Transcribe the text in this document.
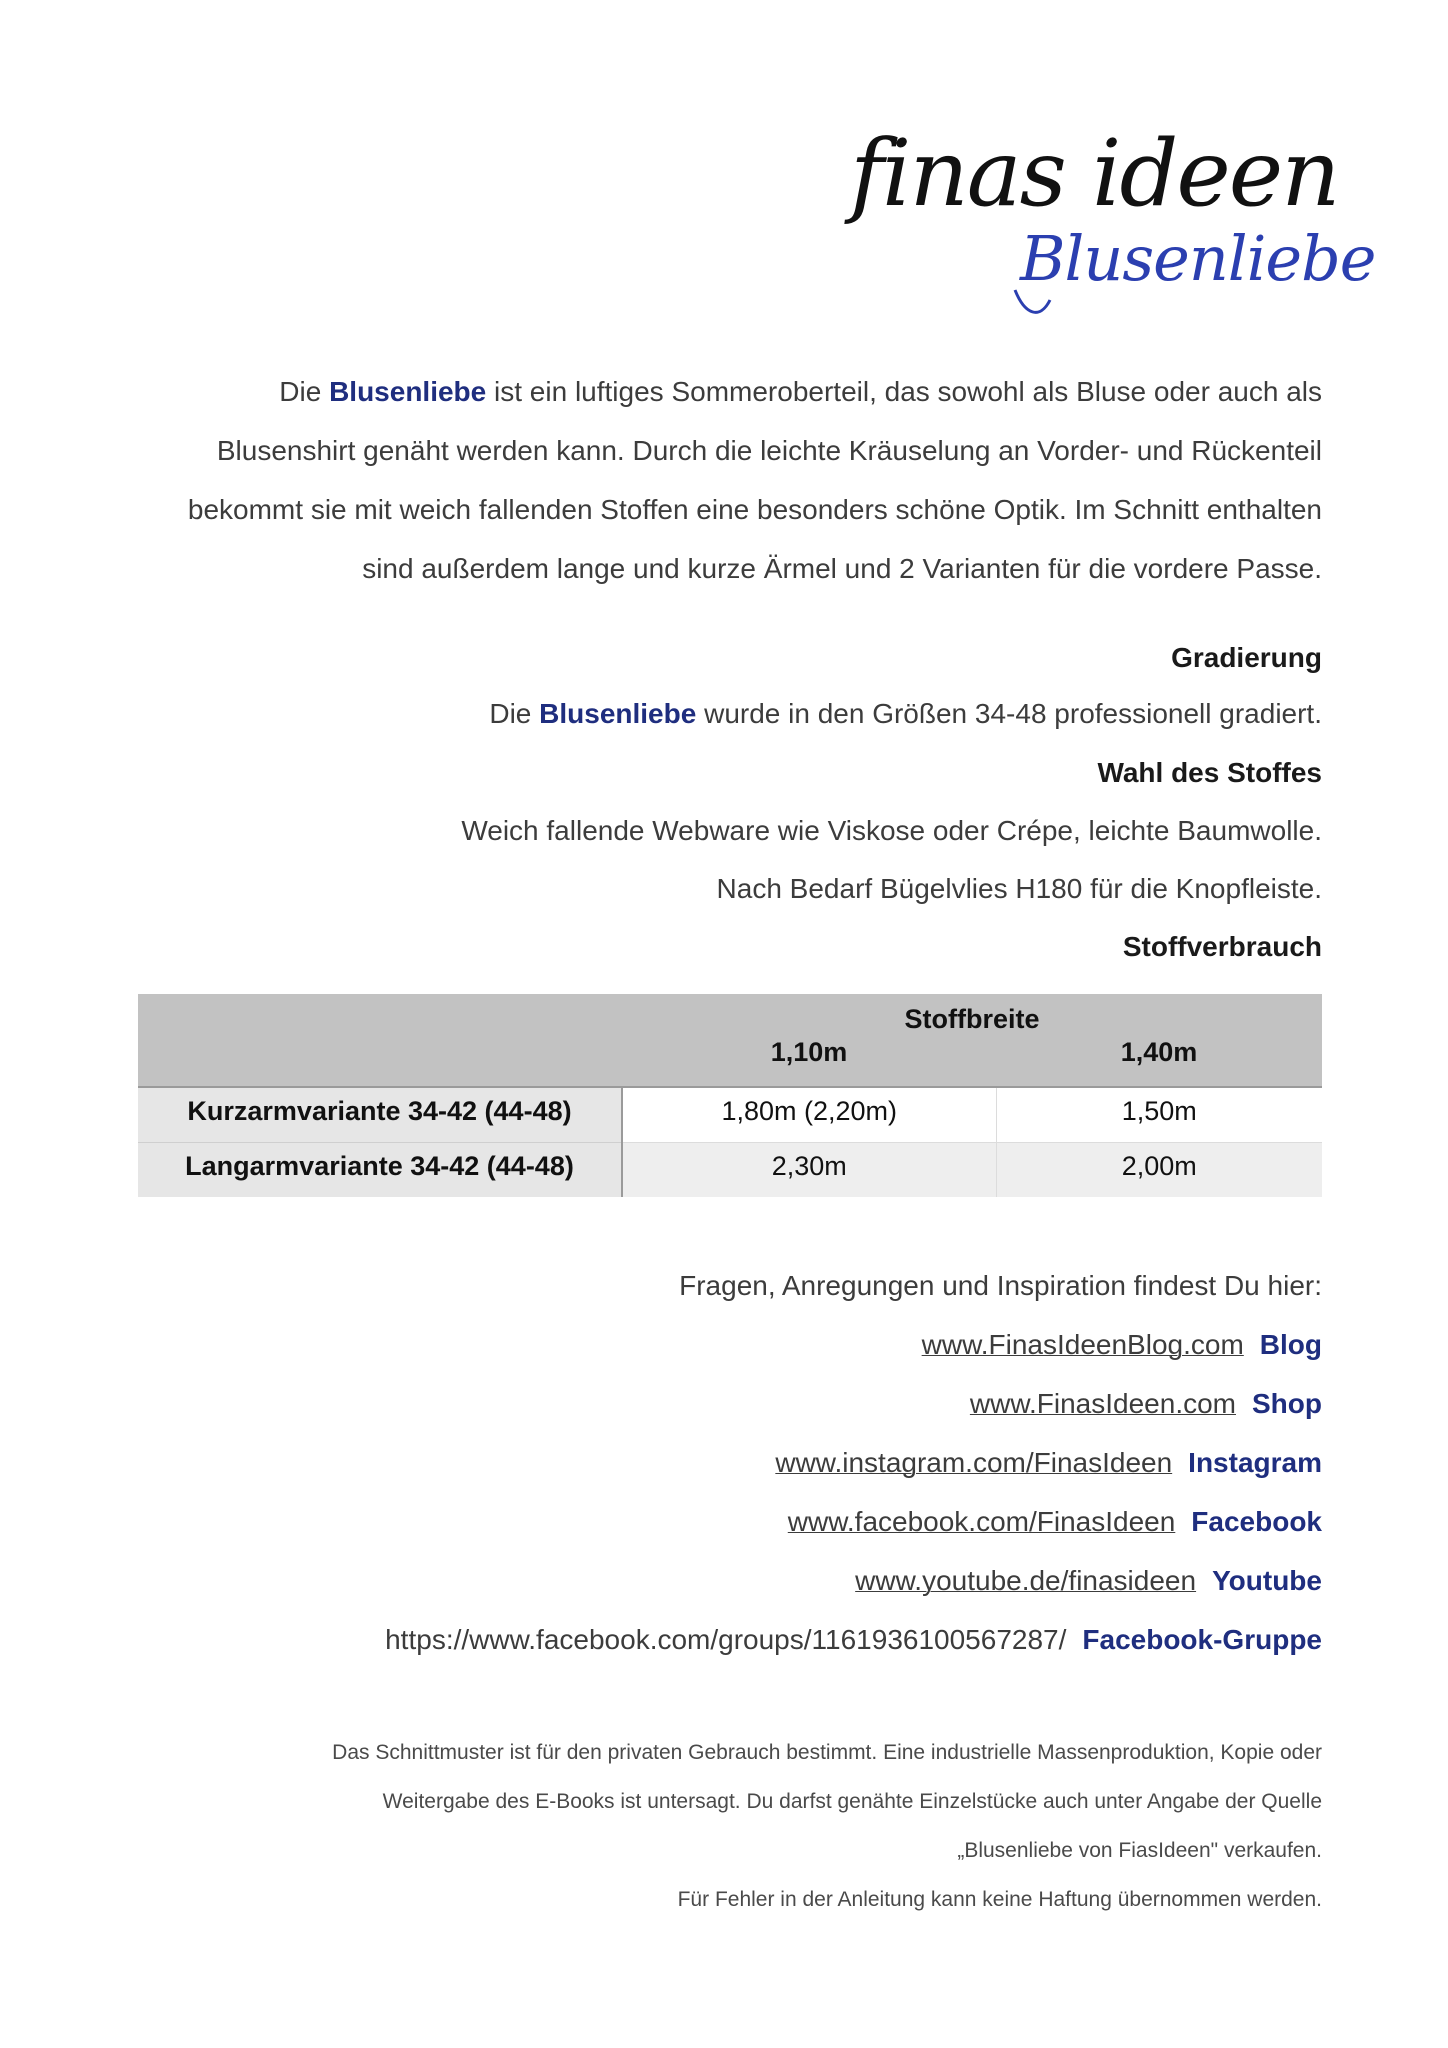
finas ideen
Blusenliebe
Die Blusenliebe ist ein luftiges Sommeroberteil, das sowohl als Bluse oder auch als Blusenshirt genäht werden kann. Durch die leichte Kräuselung an Vorder- und Rückenteil bekommt sie mit weich fallenden Stoffen eine besonders schöne Optik. Im Schnitt enthalten sind außerdem lange und kurze Ärmel und 2 Varianten für die vordere Passe.
Gradierung
Die Blusenliebe wurde in den Größen 34-48 professionell gradiert.
Wahl des Stoffes
Weich fallende Webware wie Viskose oder Crépe, leichte Baumwolle.
Nach Bedarf Bügelvlies H180 für die Knopfleiste.
Stoffverbrauch
	Stoffbreite	
	1,10m	1,40m
Kurzarmvariante 34-42 (44-48)	1,80m (2,20m)	1,50m
Langarmvariante 34-42 (44-48)	2,30m	2,00m
Fragen, Anregungen und Inspiration findest Du hier:
www.FinasIdeenBlog.com Blog
www.FinasIdeen.com Shop
www.instagram.com/FinasIdeen Instagram
www.facebook.com/FinasIdeen Facebook
www.youtube.de/finasideen Youtube
https://www.facebook.com/groups/1161936100567287/ Facebook-Gruppe
Das Schnittmuster ist für den privaten Gebrauch bestimmt. Eine industrielle Massenproduktion, Kopie oder
Weitergabe des E-Books ist untersagt. Du darfst genähte Einzelstücke auch unter Angabe der Quelle
„Blusenliebe von FiasIdeen" verkaufen.
Für Fehler in der Anleitung kann keine Haftung übernommen werden.
